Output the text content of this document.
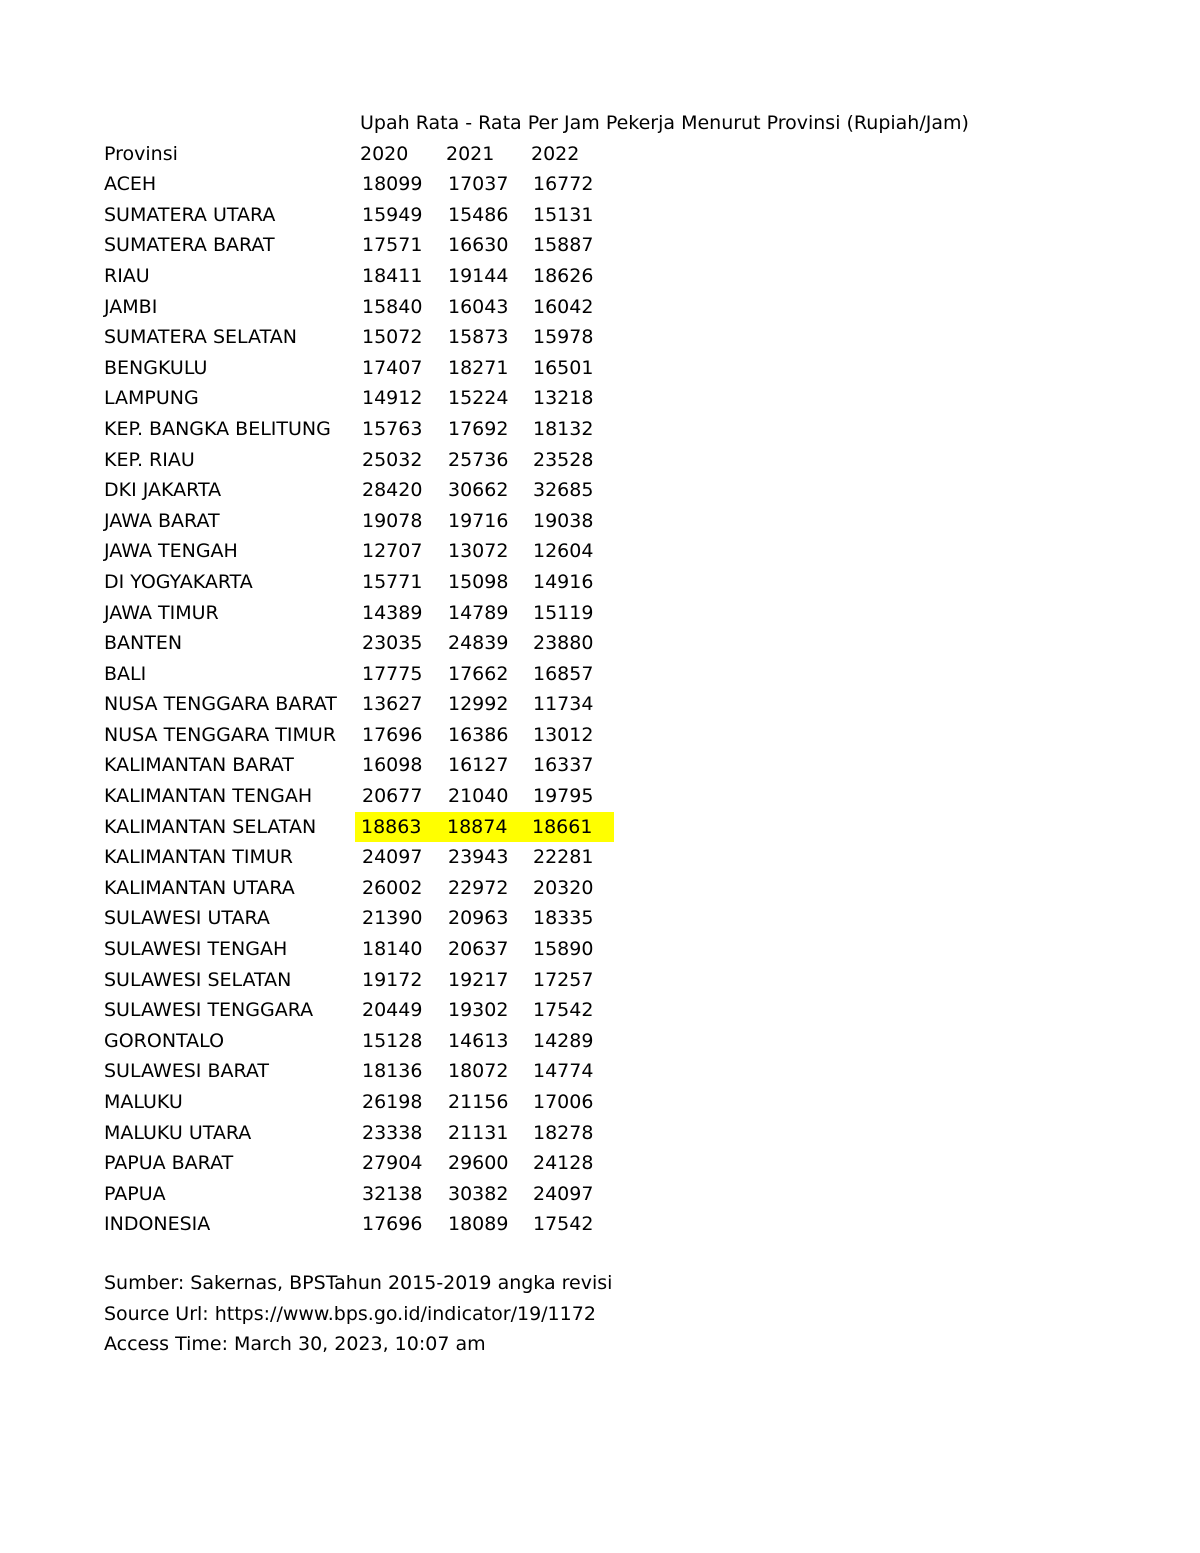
Upah Rata - Rata Per Jam Pekerja Menurut Provinsi (Rupiah/Jam)
Provinsi	2020	2021	2022
ACEH	18099	17037	16772
SUMATERA UTARA	15949	15486	15131
SUMATERA BARAT	17571	16630	15887
RIAU	18411	19144	18626
JAMBI	15840	16043	16042
SUMATERA SELATAN	15072	15873	15978
BENGKULU	17407	18271	16501
LAMPUNG	14912	15224	13218
KEP. BANGKA BELITUNG	15763	17692	18132
KEP. RIAU	25032	25736	23528
DKI JAKARTA	28420	30662	32685
JAWA BARAT	19078	19716	19038
JAWA TENGAH	12707	13072	12604
DI YOGYAKARTA	15771	15098	14916
JAWA TIMUR	14389	14789	15119
BANTEN	23035	24839	23880
BALI	17775	17662	16857
NUSA TENGGARA BARAT	13627	12992	11734
NUSA TENGGARA TIMUR	17696	16386	13012
KALIMANTAN BARAT	16098	16127	16337
KALIMANTAN TENGAH	20677	21040	19795
KALIMANTAN SELATAN	18863	18874	18661
KALIMANTAN TIMUR	24097	23943	22281
KALIMANTAN UTARA	26002	22972	20320
SULAWESI UTARA	21390	20963	18335
SULAWESI TENGAH	18140	20637	15890
SULAWESI SELATAN	19172	19217	17257
SULAWESI TENGGARA	20449	19302	17542
GORONTALO	15128	14613	14289
SULAWESI BARAT	18136	18072	14774
MALUKU	26198	21156	17006
MALUKU UTARA	23338	21131	18278
PAPUA BARAT	27904	29600	24128
PAPUA	32138	30382	24097
INDONESIA	17696	18089	17542
Sumber: Sakernas, BPSTahun 2015-2019 angka revisi
Source Url: https://www.bps.go.id/indicator/19/1172
Access Time: March 30, 2023, 10:07 am
